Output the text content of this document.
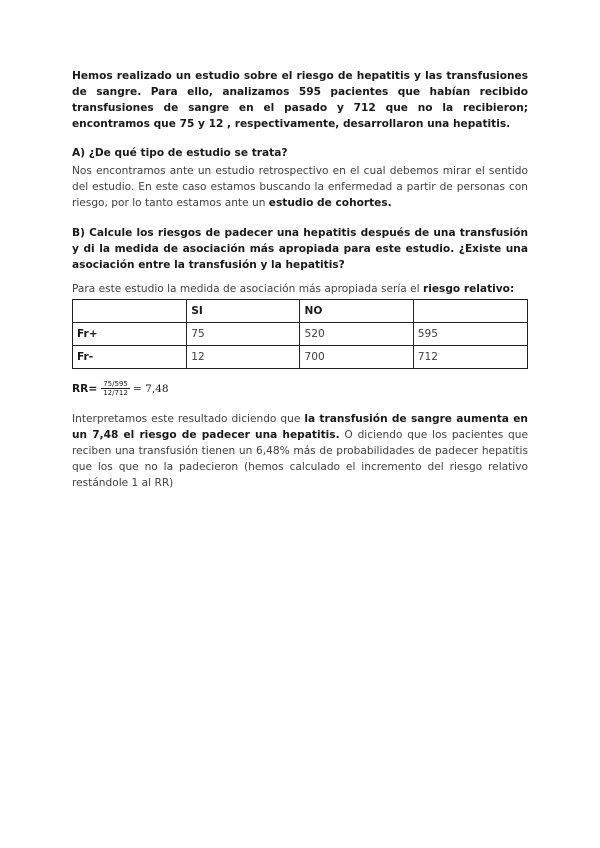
Hemos realizado un estudio sobre el riesgo de hepatitis y las transfusiones de sangre. Para ello, analizamos 595 pacientes que habían recibido transfusiones de sangre en el pasado y 712 que no la recibieron; encontramos que 75 y 12 , respectivamente, desarrollaron una hepatitis.

A) ¿De qué tipo de estudio se trata?

Nos encontramos ante un estudio retrospectivo en el cual debemos mirar el sentido del estudio. En este caso estamos buscando la enfermedad a partir de personas con riesgo, por lo tanto estamos ante un estudio de cohortes.

B) Calcule los riesgos de padecer una hepatitis después de una transfusión y di la medida de asociación más apropiada para este estudio. ¿Existe una asociación entre la transfusión y la hepatitis?

Para este estudio la medida de asociación más apropiada sería el riesgo relativo:

	SI	NO	
Fr+	75	520	595
Fr-	12	700	712
$RR= \frac{75/595}{12/712} = 7,48$

Interpretamos este resultado diciendo que la transfusión de sangre aumenta en un 7,48 el riesgo de padecer una hepatitis. O diciendo que los pacientes que reciben una transfusión tienen un 6,48% más de probabilidades de padecer hepatitis que los que no la padecieron (hemos calculado el incremento del riesgo relativo restándole 1 al RR)
